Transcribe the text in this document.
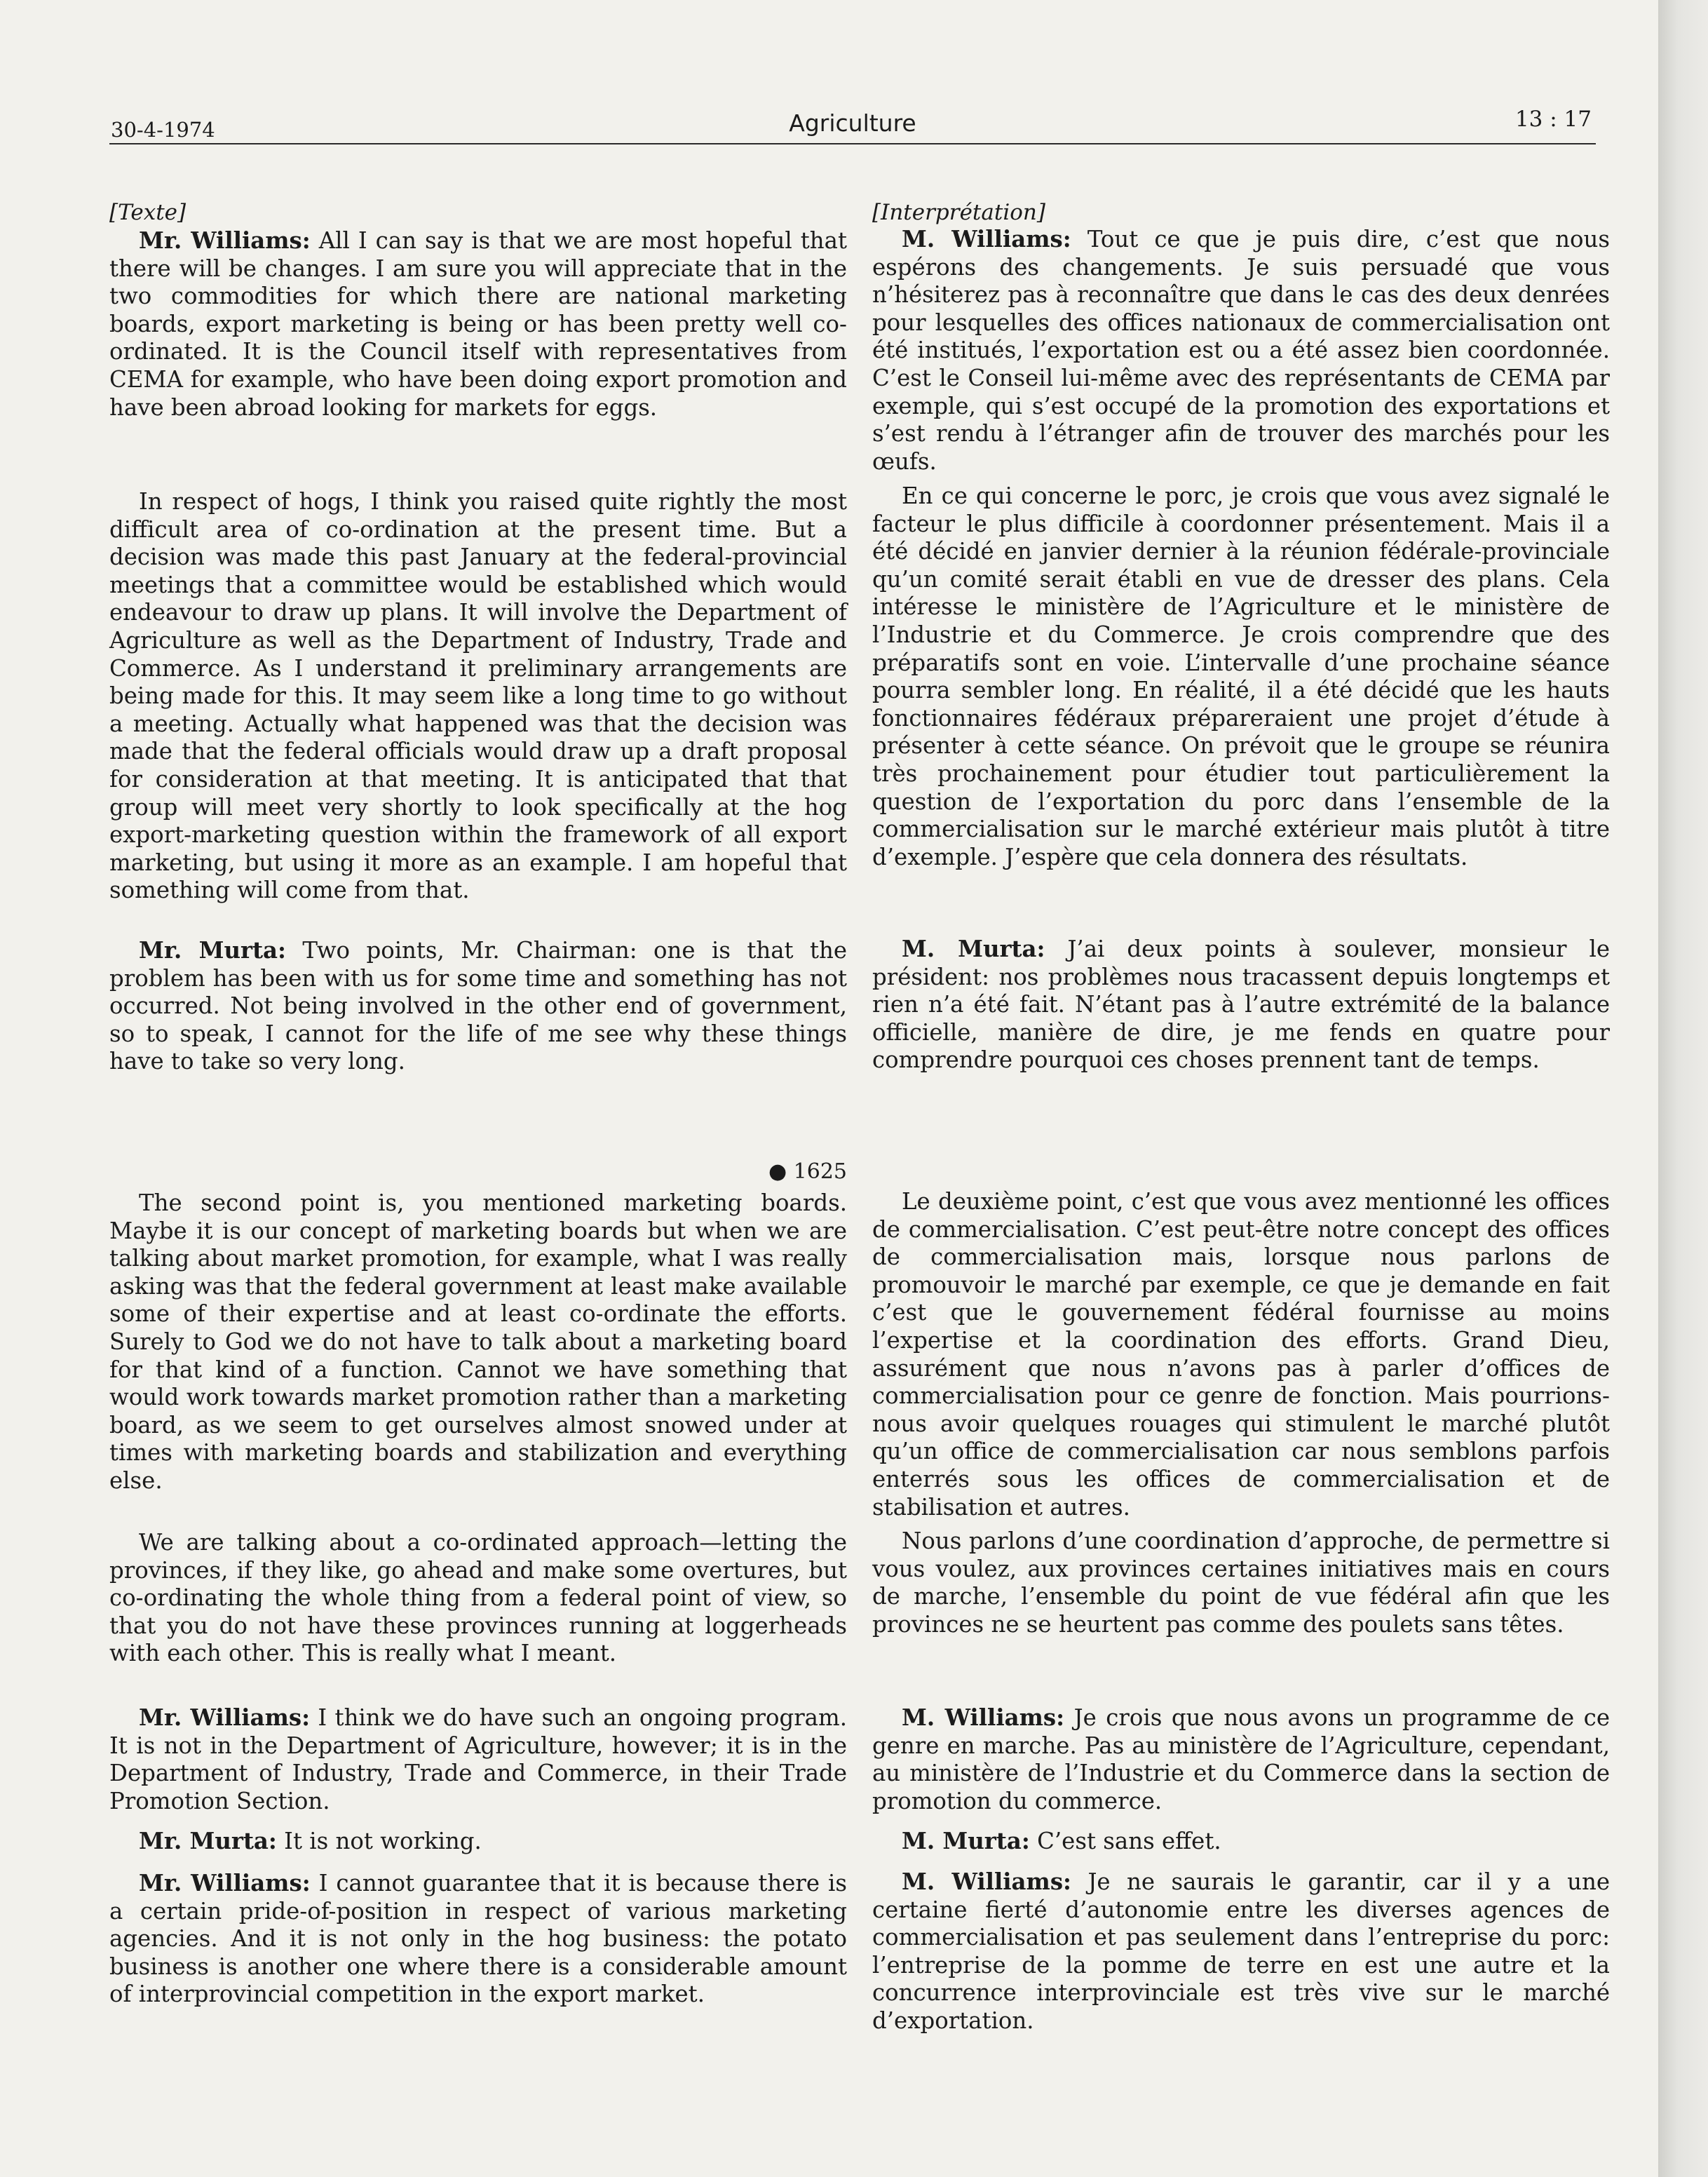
30-4-1974	Agriculture	13 : 17

[Texte]

Mr. Williams: All I can say is that we are most hopeful that there will be changes. I am sure you will appreciate that in the two commodities for which there are national marketing boards, export marketing is being or has been pretty well co-ordinated. It is the Council itself with representatives from CEMA for example, who have been doing export promotion and have been abroad looking for markets for eggs.

In respect of hogs, I think you raised quite rightly the most difficult area of co-ordination at the present time. But a decision was made this past January at the federal-provincial meetings that a committee would be established which would endeavour to draw up plans. It will involve the Department of Agriculture as well as the Department of Industry, Trade and Commerce. As I understand it preliminary arrangements are being made for this. It may seem like a long time to go without a meeting. Actually what happened was that the decision was made that the federal officials would draw up a draft proposal for consideration at that meeting. It is anticipated that that group will meet very shortly to look specifically at the hog export-marketing question within the framework of all export marketing, but using it more as an example. I am hopeful that something will come from that.

Mr. Murta: Two points, Mr. Chairman: one is that the problem has been with us for some time and something has not occurred. Not being involved in the other end of government, so to speak, I cannot for the life of me see why these things have to take so very long.

● 1625

The second point is, you mentioned marketing boards. Maybe it is our concept of marketing boards but when we are talking about market promotion, for example, what I was really asking was that the federal government at least make available some of their expertise and at least co-ordinate the efforts. Surely to God we do not have to talk about a marketing board for that kind of a function. Cannot we have something that would work towards market promotion rather than a marketing board, as we seem to get ourselves almost snowed under at times with marketing boards and stabilization and everything else.

We are talking about a co-ordinated approach—letting the provinces, if they like, go ahead and make some overtures, but co-ordinating the whole thing from a federal point of view, so that you do not have these provinces running at loggerheads with each other. This is really what I meant.

Mr. Williams: I think we do have such an ongoing program. It is not in the Department of Agriculture, however; it is in the Department of Industry, Trade and Commerce, in their Trade Promotion Section.

Mr. Murta: It is not working.

Mr. Williams: I cannot guarantee that it is because there is a certain pride-of-position in respect of various marketing agencies. And it is not only in the hog business: the potato business is another one where there is a considerable amount of interprovincial competition in the export market.

[Interprétation]

M. Williams: Tout ce que je puis dire, c’est que nous espérons des changements. Je suis persuadé que vous n’hésiterez pas à reconnaître que dans le cas des deux denrées pour lesquelles des offices nationaux de commercialisation ont été institués, l’exportation est ou a été assez bien coordonnée. C’est le Conseil lui-même avec des représentants de CEMA par exemple, qui s’est occupé de la promotion des exportations et s’est rendu à l’étranger afin de trouver des marchés pour les œufs.

En ce qui concerne le porc, je crois que vous avez signalé le facteur le plus difficile à coordonner présentement. Mais il a été décidé en janvier dernier à la réunion fédérale-provinciale qu’un comité serait établi en vue de dresser des plans. Cela intéresse le ministère de l’Agriculture et le ministère de l’Industrie et du Commerce. Je crois comprendre que des préparatifs sont en voie. L’intervalle d’une prochaine séance pourra sembler long. En réalité, il a été décidé que les hauts fonctionnaires fédéraux prépareraient une projet d’étude à présenter à cette séance. On prévoit que le groupe se réunira très prochainement pour étudier tout particulièrement la question de l’exportation du porc dans l’ensemble de la commercialisation sur le marché extérieur mais plutôt à titre d’exemple. J’espère que cela donnera des résultats.

M. Murta: J’ai deux points à soulever, monsieur le président: nos problèmes nous tracassent depuis longtemps et rien n’a été fait. N’étant pas à l’autre extrémité de la balance officielle, manière de dire, je me fends en quatre pour comprendre pourquoi ces choses prennent tant de temps.

Le deuxième point, c’est que vous avez mentionné les offices de commercialisation. C’est peut-être notre concept des offices de commercialisation mais, lorsque nous parlons de promouvoir le marché par exemple, ce que je demande en fait c’est que le gouvernement fédéral fournisse au moins l’expertise et la coordination des efforts. Grand Dieu, assurément que nous n’avons pas à parler d’offices de commercialisation pour ce genre de fonction. Mais pourrions-nous avoir quelques rouages qui stimulent le marché plutôt qu’un office de commercialisation car nous semblons parfois enterrés sous les offices de commercialisation et de stabilisation et autres.

Nous parlons d’une coordination d’approche, de permettre si vous voulez, aux provinces certaines initiatives mais en cours de marche, l’ensemble du point de vue fédéral afin que les provinces ne se heurtent pas comme des poulets sans têtes.

M. Williams: Je crois que nous avons un programme de ce genre en marche. Pas au ministère de l’Agriculture, cependant, au ministère de l’Industrie et du Commerce dans la section de promotion du commerce.

M. Murta: C’est sans effet.

M. Williams: Je ne saurais le garantir, car il y a une certaine fierté d’autonomie entre les diverses agences de commercialisation et pas seulement dans l’entreprise du porc: l’entreprise de la pomme de terre en est une autre et la concurrence interprovinciale est très vive sur le marché d’exportation.
